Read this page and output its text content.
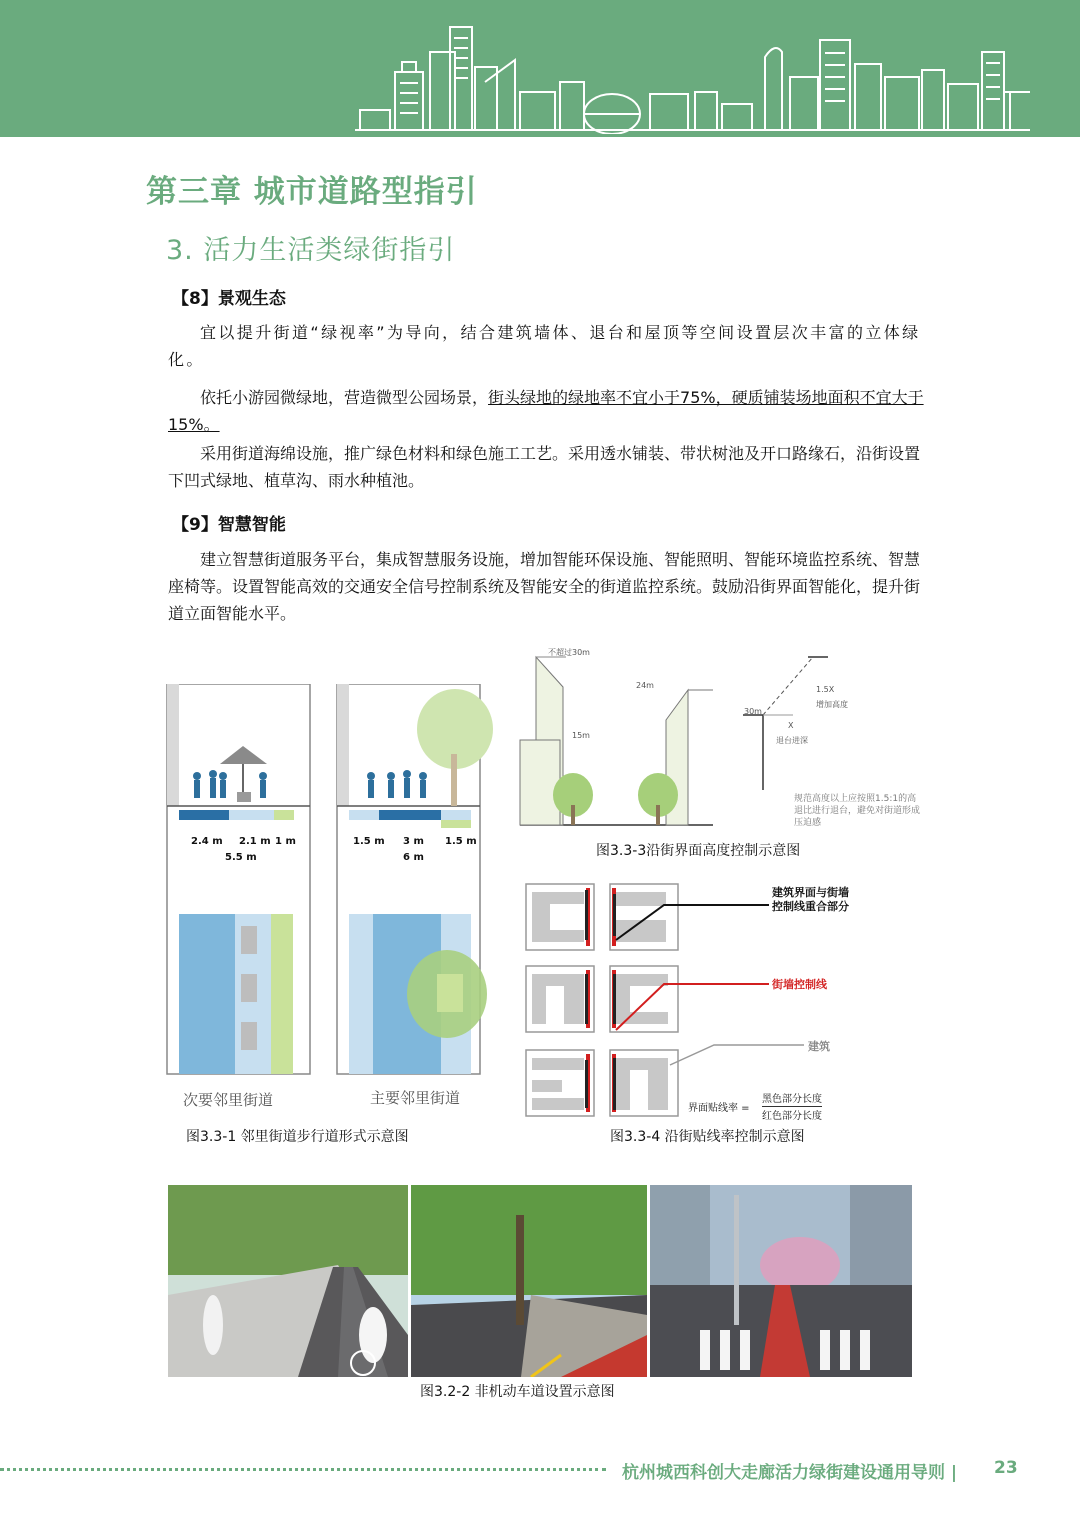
第三章 城市道路型指引
3. 活力生活类绿街指引
【8】景观生态
宜以提升街道“绿视率”为导向，结合建筑墙体、退台和屋顶等空间设置层次丰富的立体绿化。
依托小游园微绿地，营造微型公园场景，街头绿地的绿地率不宜小于75%，硬质铺装场地面积不宜大于15%。
采用街道海绵设施，推广绿色材料和绿色施工工艺。采用透水铺装、带状树池及开口路缘石，沿街设置下凹式绿地、植草沟、雨水种植池。
【9】智慧智能
建立智慧街道服务平台，集成智慧服务设施，增加智能环保设施、智能照明、智能环境监控系统、智慧座椅等。设置智能高效的交通安全信号控制系统及智能安全的街道监控系统。鼓励沿街界面智能化，提升街道立面智能水平。
2.4 m 2.1 m 1 m
5.5 m
1.5 m 3 m 1.5 m
6 m
次要邻里街道	主要邻里街道
图3.3-1 邻里街道步行道形式示意图
不超过30m
24m
15m
30m
1.5X
增加高度
X
退台进深
规范高度以上应按照1.5:1的高退比进行退台，避免对街道形成压迫感
图3.3-3沿街界面高度控制示意图
建筑界面与街墙控制线重合部分
街墙控制线
建筑
界面贴线率 =
黑色部分长度
红色部分长度
图3.3-4 沿街贴线率控制示意图
图3.2-2 非机动车道设置示意图
杭州城西科创大走廊活力绿街建设通用导则 | 23
